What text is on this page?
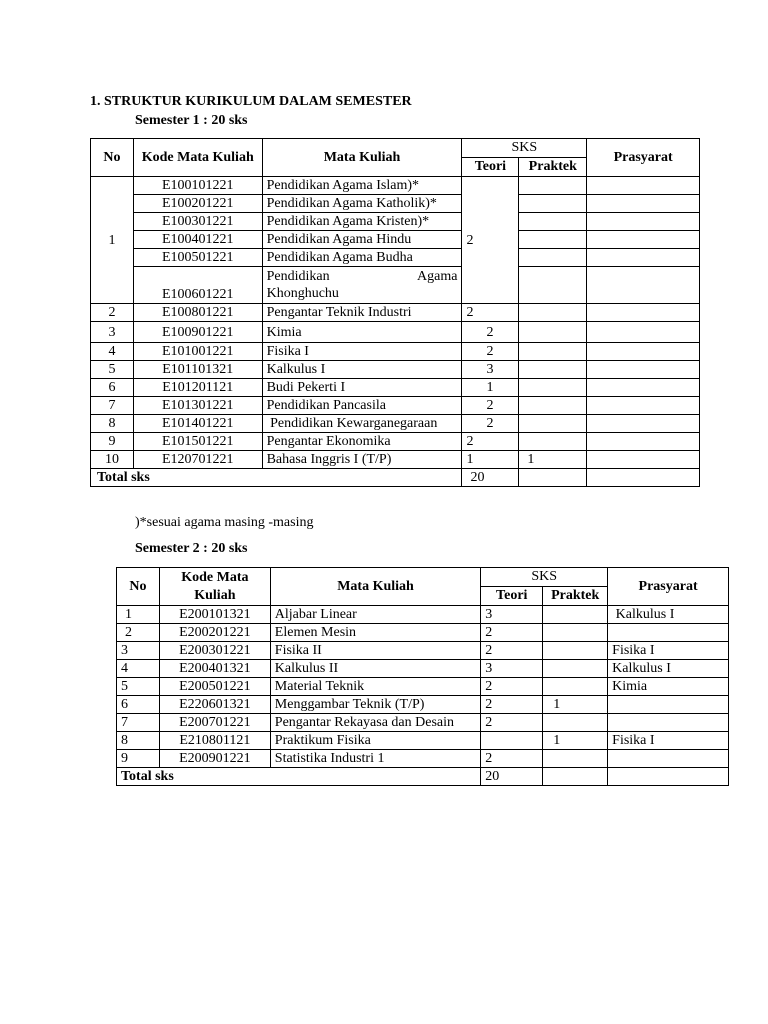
1. STRUKTUR KURIKULUM DALAM SEMESTER
Semester 1 : 20 sks
No	Kode Mata Kuliah	Mata Kuliah	SKS		Prasyarat
			Teori	Praktek	
1	E100101221	Pendidikan Agama Islam)*	2		
	E100201221	Pendidikan Agama Katholik)*			
	E100301221	Pendidikan Agama Kristen)*			
	E100401221	Pendidikan Agama Hindu			
	E100501221	Pendidikan Agama Budha			
	E100601221	Pendidikan Agama
Khonghuchu			

2	E100801221	Pengantar Teknik Industri	2		
3	E100901221	Kimia	2		
4	E101001221	Fisika I	2		
5	E101101321	Kalkulus I	3		
6	E101201121	Budi Pekerti I	1		
7	E101301221	Pendidikan Pancasila	2		
8	E101401221	Pendidikan Kewarganegaraan	2		
9	E101501221	Pengantar Ekonomika	2		
10	E120701221	Bahasa Inggris I (T/P)	1	1	
Total sks			20		
)*sesuai agama masing -masing
Semester 2 : 20 sks
No	Kode Mata Kuliah	Mata Kuliah	SKS		Prasyarat
			Teori	Praktek	
1	E200101321	Aljabar Linear	3		Kalkulus I
2	E200201221	Elemen Mesin	2		
3	E200301221	Fisika II	2		Fisika I
4	E200401321	Kalkulus II	3		Kalkulus I
5	E200501221	Material Teknik	2		Kimia
6	E220601321	Menggambar Teknik (T/P)	2	1	
7	E200701221	Pengantar Rekayasa dan Desain	2		
8	E210801121	Praktikum Fisika		1	Fisika I
9	E200901221	Statistika Industri 1	2		
Total sks			20		
